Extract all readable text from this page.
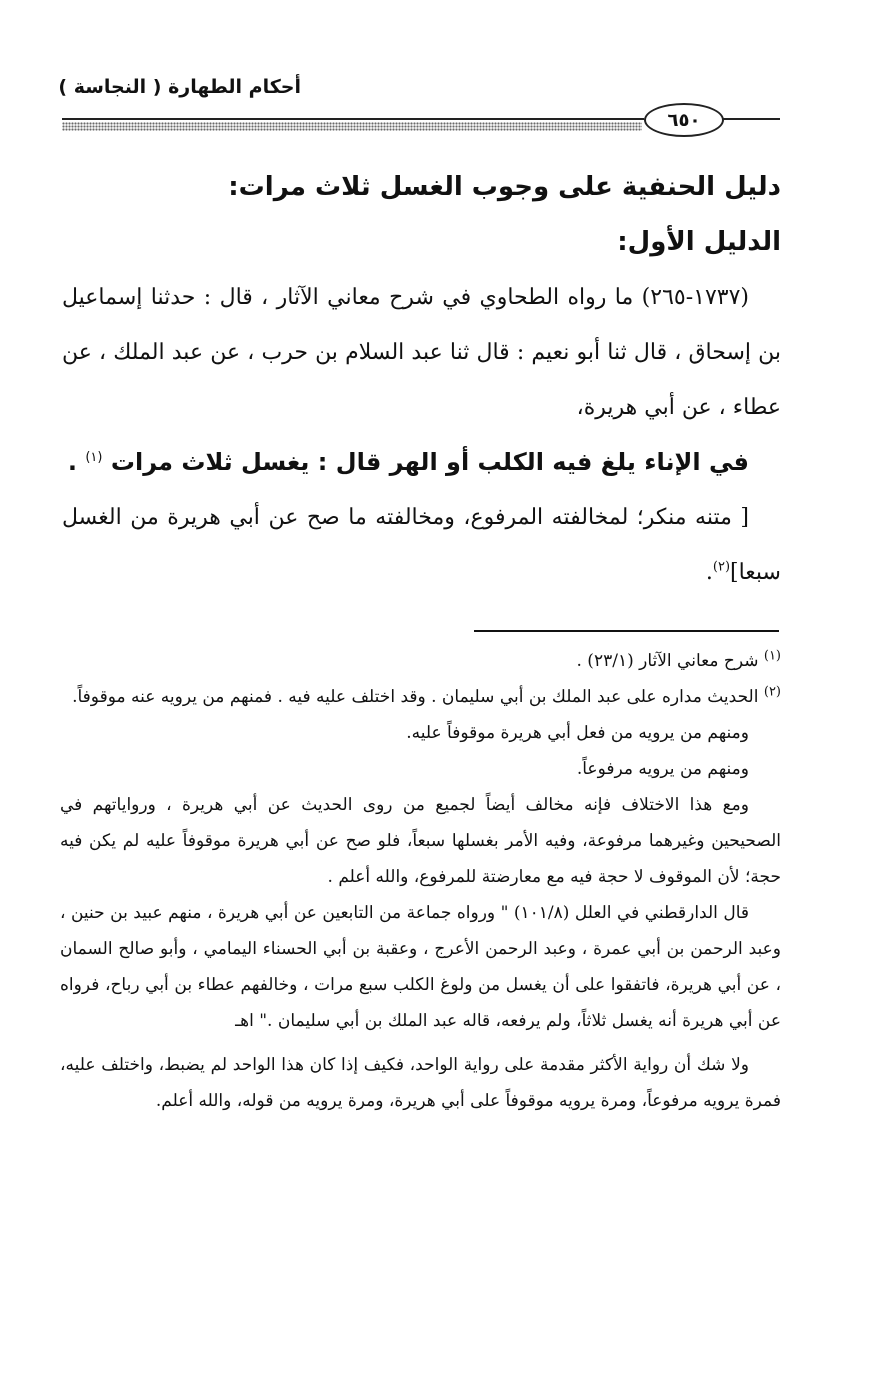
أحكام الطهارة ( النجاسة )
٦٥٠
دليل الحنفية على وجوب الغسل ثلاث مرات:
الدليل الأول:

(١٧٣٧-٢٦٥) ما رواه الطحاوي في شرح معاني الآثار ، قال : حدثنا إسماعيل بن إسحاق ، قال ثنا أبو نعيم : قال ثنا عبد السلام بن حرب ، عن عبد الملك ، عن عطاء ، عن أبي هريرة،

في الإناء يلغ فيه الكلب أو الهر قال : يغسل ثلاث مرات $^{(١)}$ .

[ متنه منكر؛ لمخالفته المرفوع، ومخالفته ما صح عن أبي هريرة من الغسل سبعا]$^{(٢)}$.

$^{(١)}$ شرح معاني الآثار (٢٣/١) .

$^{(٢)}$ الحديث مداره على عبد الملك بن أبي سليمان . وقد اختلف عليه فيه . فمنهم من يرويه عنه موقوفاً.

ومنهم من يرويه من فعل أبي هريرة موقوفاً عليه.

ومنهم من يرويه مرفوعاً.

ومع هذا الاختلاف فإنه مخالف أيضاً لجميع من روى الحديث عن أبي هريرة ، ورواياتهم في الصحيحين وغيرهما مرفوعة، وفيه الأمر بغسلها سبعاً، فلو صح عن أبي هريرة موقوفاً عليه لم يكن فيه حجة؛ لأن الموقوف لا حجة فيه مع معارضتة للمرفوع، والله أعلم .

قال الدارقطني في العلل (١٠١/٨) " ورواه جماعة من التابعين عن أبي هريرة ، منهم عبيد بن حنين ، وعبد الرحمن بن أبي عمرة ، وعبد الرحمن الأعرج ، وعقبة بن أبي الحسناء اليمامي ، وأبو صالح السمان ، عن أبي هريرة، فاتفقوا على أن يغسل من ولوغ الكلب سبع مرات ، وخالفهم عطاء بن أبي رباح، فرواه عن أبي هريرة أنه يغسل ثلاثاً، ولم يرفعه، قاله عبد الملك بن أبي سليمان ." اهـ

ولا شك أن رواية الأكثر مقدمة على رواية الواحد، فكيف إذا كان هذا الواحد لم يضبط، واختلف عليه، فمرة يرويه مرفوعاً، ومرة يرويه موقوفاً على أبي هريرة، ومرة يرويه من قوله، والله أعلم.
